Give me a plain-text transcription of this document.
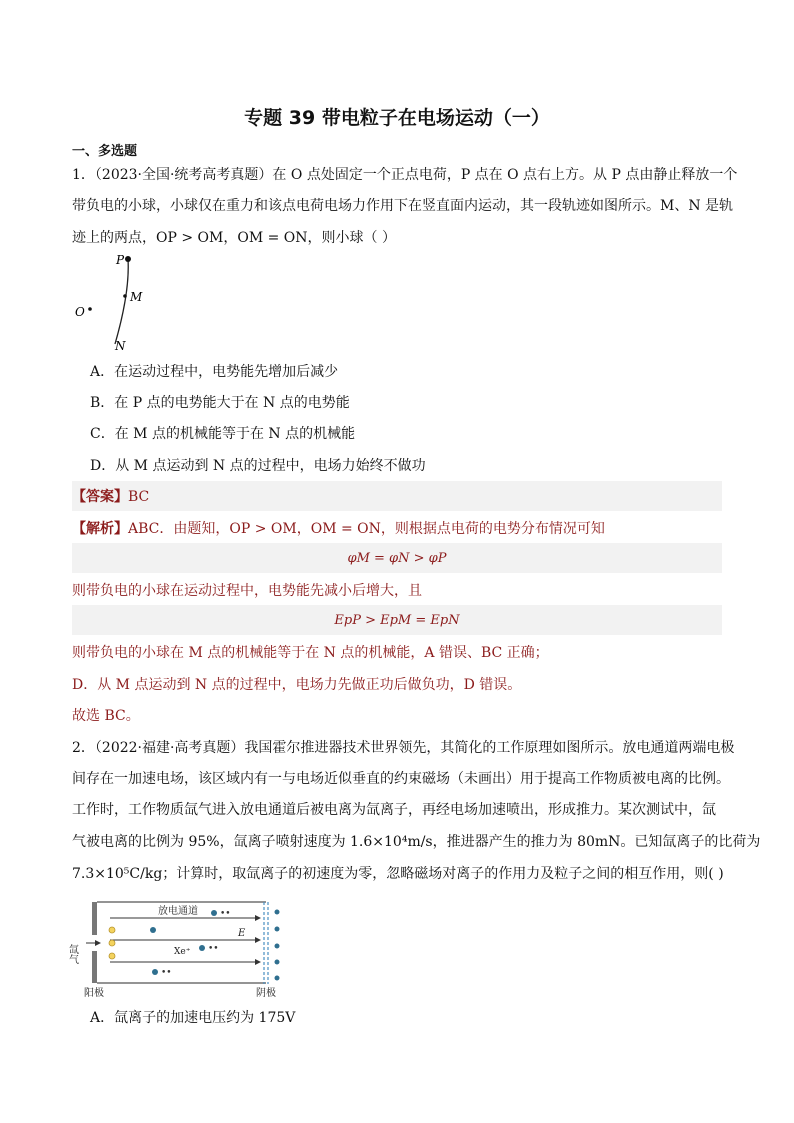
专题 39 带电粒子在电场运动（一）
一、多选题
1．（2023·全国·统考高考真题）在 O 点处固定一个正点电荷，P 点在 O 点右上方。从 P 点由静止释放一个
带负电的小球，小球仅在重力和该点电荷电场力作用下在竖直面内运动，其一段轨迹如图所示。M、N 是轨
迹上的两点，OP > OM，OM = ON，则小球（ ）
P
M
N
O
A．在运动过程中，电势能先增加后减少
B．在 P 点的电势能大于在 N 点的电势能
C．在 M 点的机械能等于在 N 点的机械能
D．从 M 点运动到 N 点的过程中，电场力始终不做功
【答案】BC
【解析】ABC．由题知，OP > OM，OM = ON，则根据点电荷的电势分布情况可知
φM = φN > φP
则带负电的小球在运动过程中，电势能先减小后增大，且
EpP > EpM = EpN
则带负电的小球在 M 点的机械能等于在 N 点的机械能，A 错误、BC 正确；
D．从 M 点运动到 N 点的过程中，电场力先做正功后做负功，D 错误。
故选 BC。
2．（2022·福建·高考真题）我国霍尔推进器技术世界领先，其简化的工作原理如图所示。放电通道两端电极
间存在一加速电场，该区域内有一与电场近似垂直的约束磁场（未画出）用于提高工作物质被电离的比例。
工作时，工作物质氙气进入放电通道后被电离为氙离子，再经电场加速喷出，形成推力。某次测试中，氙
气被电离的比例为 95%，氙离子喷射速度为 1.6×10⁴m/s，推进器产生的推力为 80mN。已知氙离子的比荷为
7.3×10⁵C/kg；计算时，取氙离子的初速度为零，忽略磁场对离子的作用力及粒子之间的相互作用，则( )
••
••
••
放电通道
氙气
E
Xe⁺
阳极	阴极
A．氙离子的加速电压约为 175V
